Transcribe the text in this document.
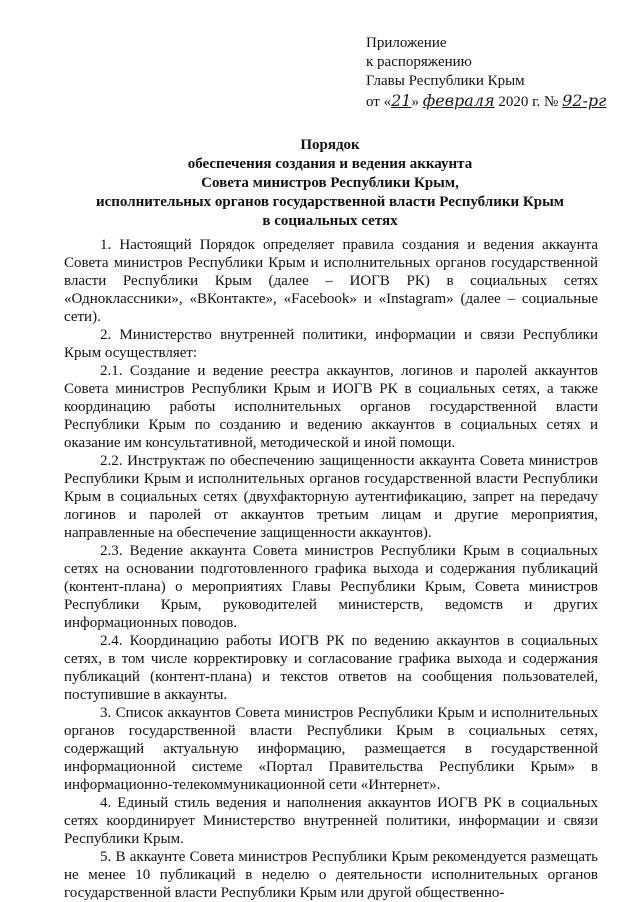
Приложение
к распоряжению
Главы Республики Крым
от «21» февраля 2020 г. № 92-рг
Порядок
обеспечения создания и ведения аккаунта
Совета министров Республики Крым,
исполнительных органов государственной власти Республики Крым
в социальных сетях

1. Настоящий Порядок определяет правила создания и ведения аккаунта Совета министров Республики Крым и исполнительных органов государственной власти Республики Крым (далее – ИОГВ РК) в социальных сетях «Одноклассники», «ВКонтакте», «Facebook» и «Instagram» (далее – социальные сети).

2. Министерство внутренней политики, информации и связи Республики Крым осуществляет:

2.1. Создание и ведение реестра аккаунтов, логинов и паролей аккаунтов Совета министров Республики Крым и ИОГВ РК в социальных сетях, а также координацию работы исполнительных органов государственной власти Республики Крым по созданию и ведению аккаунтов в социальных сетях и оказание им консультативной, методической и иной помощи.

2.2. Инструктаж по обеспечению защищенности аккаунта Совета министров Республики Крым и исполнительных органов государственной власти Республики Крым в социальных сетях (двухфакторную аутентификацию, запрет на передачу логинов и паролей от аккаунтов третьим лицам и другие мероприятия, направленные на обеспечение защищенности аккаунтов).

2.3. Ведение аккаунта Совета министров Республики Крым в социальных сетях на основании подготовленного графика выхода и содержания публикаций (контент-плана) о мероприятиях Главы Республики Крым, Совета министров Республики Крым, руководителей министерств, ведомств и других информационных поводов.

2.4. Координацию работы ИОГВ РК по ведению аккаунтов в социальных сетях, в том числе корректировку и согласование графика выхода и содержания публикаций (контент-плана) и текстов ответов на сообщения пользователей, поступившие в аккаунты.

3. Список аккаунтов Совета министров Республики Крым и исполнительных органов государственной власти Республики Крым в социальных сетях, содержащий актуальную информацию, размещается в государственной информационной системе «Портал Правительства Республики Крым» в информационно-телекоммуникационной сети «Интернет».

4. Единый стиль ведения и наполнения аккаунтов ИОГВ РК в социальных сетях координирует Министерство внутренней политики, информации и связи Республики Крым.

5. В аккаунте Совета министров Республики Крым рекомендуется размещать не менее 10 публикаций в неделю о деятельности исполнительных органов государственной власти Республики Крым или другой общественно-
